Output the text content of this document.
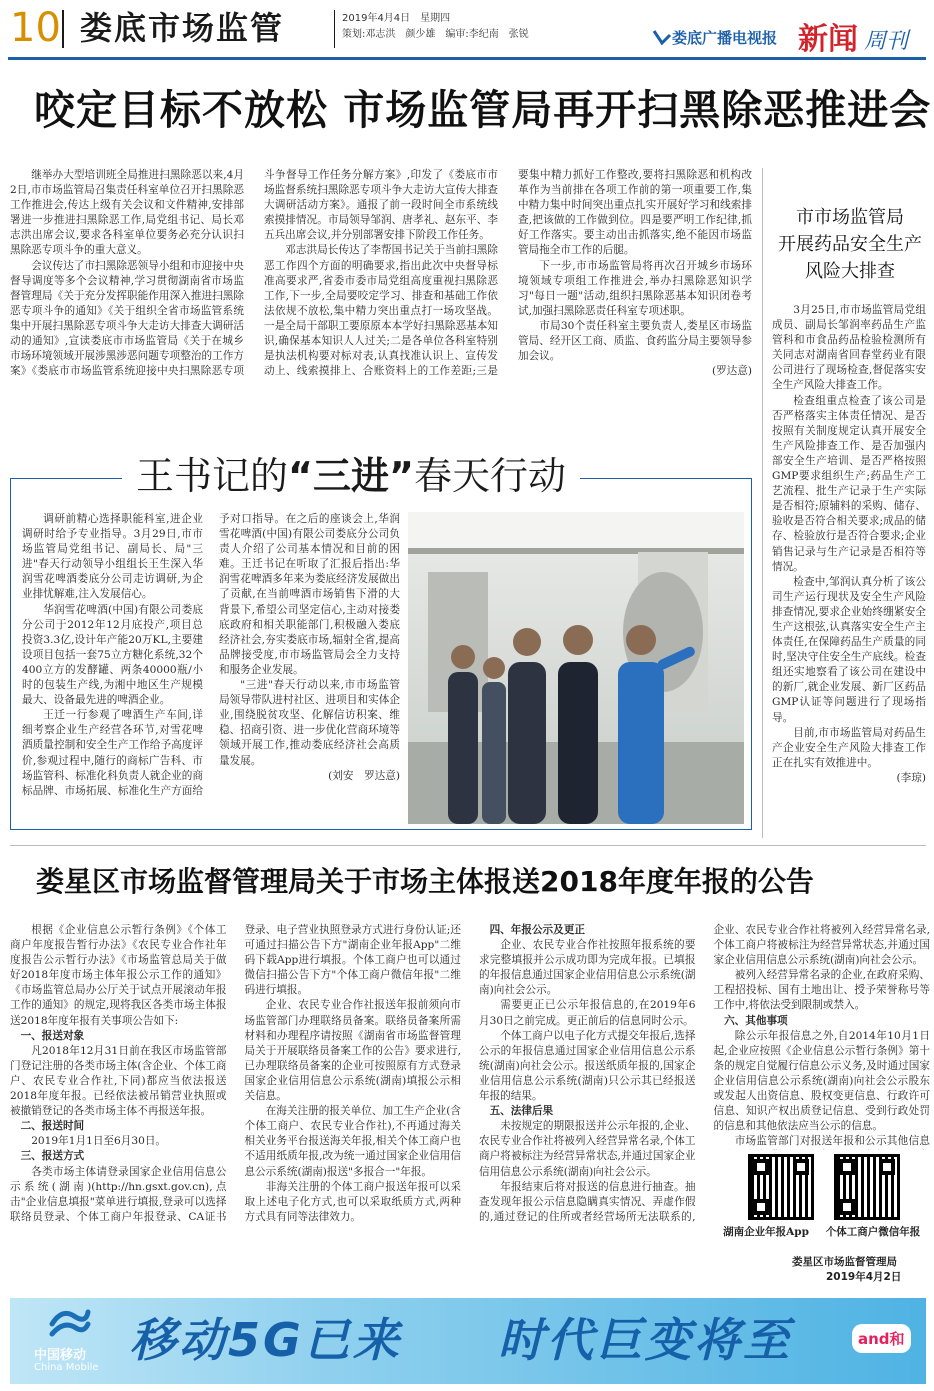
10 娄底市场监管	2019年4月4日　星期四
策划:邓志洪　颜少雄　编审:李纪南　张锐	娄底广播电视报 新闻 周刊
咬定目标不放松 市场监管局再开扫黑除恶推进会

继举办大型培训班全局推进扫黑除恶以来,4月2日,市市场监管局召集责任科室单位召开扫黑除恶工作推进会,传达上级有关会议和文件精神,安排部署进一步推进扫黑除恶工作,局党组书记、局长邓志洪出席会议,要求各科室单位要务必充分认识扫黑除恶专项斗争的重大意义。

会议传达了市扫黑除恶领导小组和市迎接中央督导调度等多个会议精神,学习贯彻湖南省市场监督管理局《关于充分发挥职能作用深入推进扫黑除恶专项斗争的通知》《关于组织全省市场监管系统集中开展扫黑除恶专项斗争大走访大排查大调研活动的通知》,宣读娄底市市场监管局《关于在城乡市场环境领域开展涉黑涉恶问题专项整治的工作方案》《娄底市市场监管系统迎接中央扫黑除恶专项斗争督导工作任务分解方案》,印发了《娄底市市场监督系统扫黑除恶专项斗争大走访大宣传大排查大调研活动方案》。通报了前一段时间全市系统线索摸排情况。市局领导邹润、唐孝礼、赵东平、李五兵出席会议,并分别部署安排下阶段工作任务。

邓志洪局长传达了李帮国书记关于当前扫黑除恶工作四个方面的明确要求,指出此次中央督导标准高要求严,省委市委市局党组高度重视扫黑除恶工作,下一步,全局要咬定学习、排查和基础工作依法依规不放松,集中精力突出重点打一场攻坚战。一是全局干部职工要原原本本学好扫黑除恶基本知识,确保基本知识人人过关;二是各单位各科室特别是执法机构要对标对表,认真找准认识上、宣传发动上、线索摸排上、合账资料上的工作差距;三是要集中精力抓好工作整改,要将扫黑除恶和机构改革作为当前排在各项工作前的第一项重要工作,集中精力集中时间突出重点扎实开展好学习和线索排查,把该做的工作做到位。四是要严明工作纪律,抓好工作落实。要主动出击抓落实,绝不能因市场监管局拖全市工作的后腿。

下一步,市市场监管局将再次召开城乡市场环境领域专项组工作推进会,举办扫黑除恶知识学习"每日一题"活动,组织扫黑除恶基本知识闭卷考试,加强扫黑除恶责任科室专项述职。

市局30个责任科室主要负责人,娄星区市场监管局、经开区工商、质监、食药监分局主要领导参加会议。

(罗达意)

市市场监管局
开展药品安全生产
风险大排查

3月25日,市市场监管局党组成员、副局长邹润率药品生产监管科和市食品药品检验检测所有关同志对湖南省回春堂药业有限公司进行了现场检查,督促落实安全生产风险大排查工作。

检查组重点检查了该公司是否严格落实主体责任情况、是否按照有关制度规定认真开展安全生产风险排查工作、是否加强内部安全生产培训、是否严格按照GMP要求组织生产;药品生产工艺流程、批生产记录于生产实际是否相符;原辅料的采购、储存、验收是否符合相关要求;成品的储存、检验放行是否符合要求;企业销售记录与生产记录是否相符等情况。

检查中,邹润认真分析了该公司生产运行现状及安全生产风险排查情况,要求企业始终绷紧安全生产这根弦,认真落实安全生产主体责任,在保障药品生产质量的同时,坚决守住安全生产底线。检查组还实地察看了该公司在建设中的新厂,就企业发展、新厂区药品GMP认证等问题进行了现场指导。

目前,市市场监管局对药品生产企业安全生产风险大排查工作正在扎实有效推进中。

(李琼)

王书记的“三进”春天行动

调研前精心选择职能科室,进企业调研时给予专业指导。3月29日,市市场监管局党组书记、副局长、局"三进"春天行动领导小组组长王生深入华润雪花啤酒娄底分公司走访调研,为企业排忧解难,注入发展信心。

华润雪花啤酒(中国)有限公司娄底分公司于2012年12月底投产,项目总投资3.3亿,设计年产能20万KL,主要建设项目包括一套75立方糖化系统,32个400立方的发酵罐、两条40000瓶/小时的包装生产线,为湘中地区生产规模最大、设备最先进的啤酒企业。

王迁一行参观了啤酒生产车间,详细考察企业生产经营各环节,对雪花啤酒质量控制和安全生产工作给予高度评价,参观过程中,随行的商标广告科、市场监管科、标准化科负责人就企业的商标品牌、市场拓展、标准化生产方面给予对口指导。在之后的座谈会上,华润雪花啤酒(中国)有限公司娄底分公司负责人介绍了公司基本情况和目前的困难。王迁书记在听取了汇报后指出:华润雪花啤酒多年来为娄底经济发展做出了贡献,在当前啤酒市场销售下滑的大背景下,希望公司坚定信心,主动对接娄底政府和相关职能部门,积极融入娄底经济社会,夯实娄底市场,辐射全省,提高品牌接受度,市市场监管局会全力支持和服务企业发展。

"三进"春天行动以来,市市场监管局领导带队进村社区、进项目和实体企业,围绕脱贫攻坚、化解信访积案、维稳、招商引资、进一步优化营商环境等领域开展工作,推动娄底经济社会高质量发展。

(刘安　罗达意)

娄星区市场监督管理局关于市场主体报送2018年度年报的公告

根据《企业信息公示暂行条例》《个体工商户年度报告暂行办法》《农民专业合作社年度报告公示暂行办法》《市场监管总局关于做好2018年度市场主体年报公示工作的通知》《市场监管总局办公厅关于试点开展滚动年报工作的通知》的规定,现将我区各类市场主体报送2018年度年报有关事项公告如下:

一、报送对象

凡2018年12月31日前在我区市场监管部门登记注册的各类市场主体(含企业、个体工商户、农民专业合作社,下同)都应当依法报送2018年度年报。已经依法被吊销营业执照或被撤销登记的各类市场主体不再报送年报。

二、报送时间

2019年1月1日至6月30日。

三、报送方式

各类市场主体请登录国家企业信用信息公示系统(湖南)(http://hn.gsxt.gov.cn),点击"企业信息填报"菜单进行填报,登录可以选择联络员登录、个体工商户年报登录、CA证书登录、电子营业执照登录方式进行身份认证;还可通过扫描公告下方"湖南企业年报App"二维码下载App进行填报。个体工商户也可以通过微信扫描公告下方"个体工商户微信年报"二维码进行填报。

企业、农民专业合作社报送年报前须向市场监管部门办理联络员备案。联络员备案所需材料和办理程序请按照《湖南省市场监督管理局关于开展联络员备案工作的公告》要求进行,已办理联络员备案的企业可按照原有方式登录国家企业信用信息公示系统(湖南)填报公示相关信息。

在海关注册的报关单位、加工生产企业(含个体工商户、农民专业合作社),不再通过海关相关业务平台报送海关年报,相关个体工商户也不适用纸质年报,改为统一通过国家企业信用信息公示系统(湖南)报送"多报合一"年报。

非海关注册的个体工商户报送年报可以采取上述电子化方式,也可以采取纸质方式,两种方式具有同等法律效力。

四、年报公示及更正

企业、农民专业合作社按照年报系统的要求完整填报并公示成功即为完成年报。已填报的年报信息通过国家企业信用信息公示系统(湖南)向社会公示。

需要更正已公示年报信息的,在2019年6月30日之前完成。更正前后的信息同时公示。

个体工商户以电子化方式提交年报后,选择公示的年报信息通过国家企业信用信息公示系统(湖南)向社会公示。报送纸质年报的,国家企业信用信息公示系统(湖南)只公示其已经报送年报的结果。

五、法律后果

未按规定的期限报送并公示年报的,企业、农民专业合作社将被列入经营异常名录,个体工商户将被标注为经营异常状态,并通过国家企业信用信息公示系统(湖南)向社会公示。

年报结束后将对报送的信息进行抽查。抽查发现年报公示信息隐瞒真实情况、弄虚作假的,通过登记的住所或者经营场所无法联系的,企业、农民专业合作社将被列入经营异常名录,个体工商户将被标注为经营异常状态,并通过国家企业信用信息公示系统(湖南)向社会公示。

被列入经营异常名录的企业,在政府采购、工程招投标、国有土地出让、授予荣誉称号等工作中,将依法受到限制或禁入。

六、其他事项

除公示年报信息之外,自2014年10月1日起,企业应按照《企业信息公示暂行条例》第十条的规定自觉履行信息公示义务,及时通过国家企业信用信息公示系统(湖南)向社会公示股东或发起人出资信息、股权变更信息、行政许可信息、知识产权出质登记信息、受到行政处罚的信息和其他依法应当公示的信息。

市场监管部门对报送年报和公示其他信息

湖南企业年报App	个体工商户微信年报
娄星区市场监督管理局
2019年4月2日
中国移动
China Mobile
移动5G已来 时代巨变将至	and和
